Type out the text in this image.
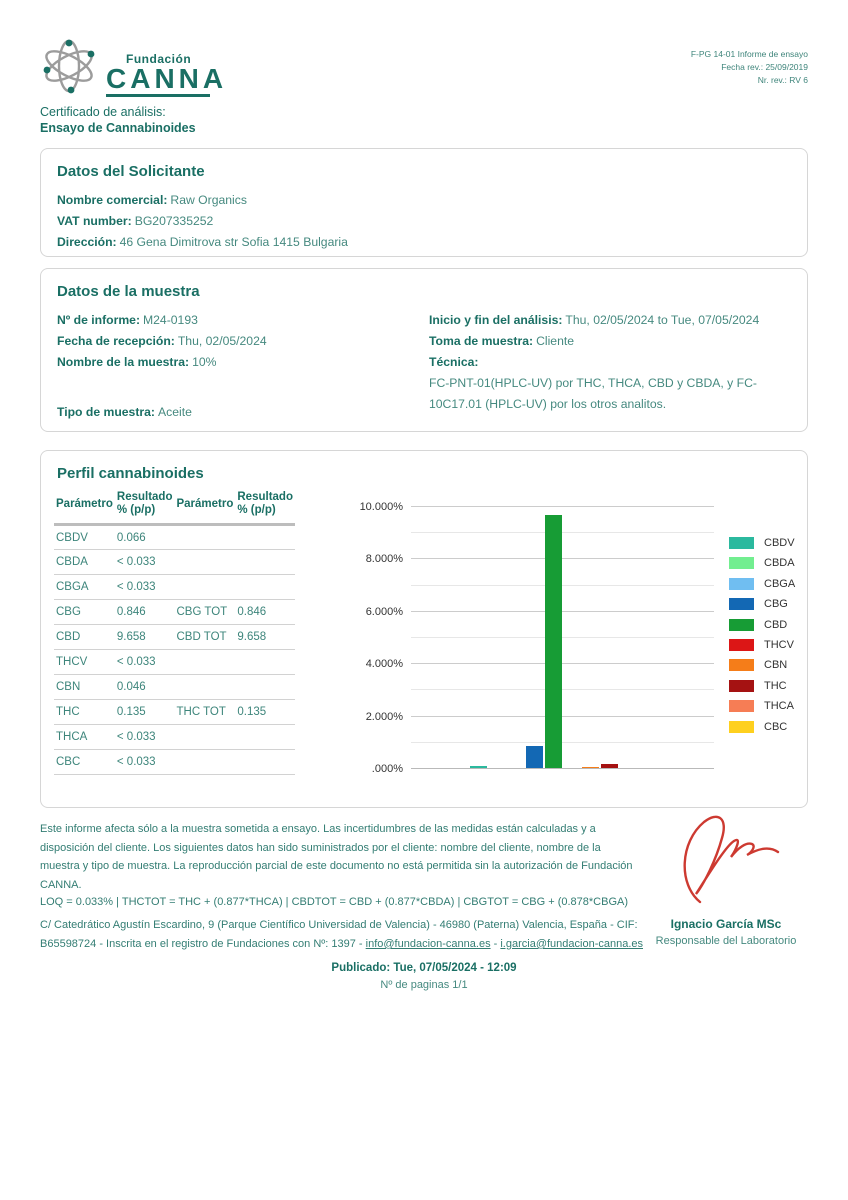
Fundación
CANNA
F-PG 14-01 Informe de ensayo
Fecha rev.: 25/09/2019
Nr. rev.: RV 6
Certificado de análisis:
Ensayo de Cannabinoides
Datos del Solicitante

Nombre comercial: Raw Organics

VAT number: BG207335252

Dirección: 46 Gena Dimitrova str Sofia 1415 Bulgaria

Datos de la muestra

Nº de informe: M24-0193

Fecha de recepción: Thu, 02/05/2024

Nombre de la muestra: 10%

Inicio y fin del análisis: Thu, 02/05/2024 to Tue, 07/05/2024

Toma de muestra: Cliente

Técnica:

FC-PNT-01(HPLC-UV) por THC, THCA, CBD y CBDA, y FC-

10C17.01 (HPLC-UV) por los otros analitos.

Tipo de muestra: Aceite

Perfil cannabinoides
Parámetro	Resultado
% (p/p)	Parámetro	Resultado
% (p/p)
CBDV	0.066		
CBDA	< 0.033		
CBGA	< 0.033		
CBG	0.846	CBG TOT	0.846
CBD	9.658	CBD TOT	9.658
THCV	< 0.033		
CBN	0.046		
THC	0.135	THC TOT	0.135
THCA	< 0.033		
CBC	< 0.033		
.000%
2.000%
4.000%
6.000%
8.000%
10.000%
CBDV
CBDA
CBGA
CBG
CBD
THCV
CBN
THC
THCA
CBC

Este informe afecta sólo a la muestra sometida a ensayo. Las incertidumbres de las medidas están calculadas y a disposición del cliente. Los siguientes datos han sido suministrados por el cliente: nombre del cliente, nombre de la muestra y tipo de muestra. La reproducción parcial de este documento no está permitida sin la autorización de Fundación CANNA.

LOQ = 0.033% | THCTOT = THC + (0.877*THCA) | CBDTOT = CBD + (0.877*CBDA) | CBGTOT = CBG + (0.878*CBGA)

C/ Catedrático Agustín Escardino, 9 (Parque Científico Universidad de Valencia) - 46980 (Paterna) Valencia, España - CIF: B65598724 - Inscrita en el registro de Fundaciones con Nº: 1397 - info@fundacion-canna.es - i.garcia@fundacion-canna.es

Ignacio García MSc
Responsable del Laboratorio
Publicado: Tue, 07/05/2024 - 12:09
Nº de paginas 1/1
